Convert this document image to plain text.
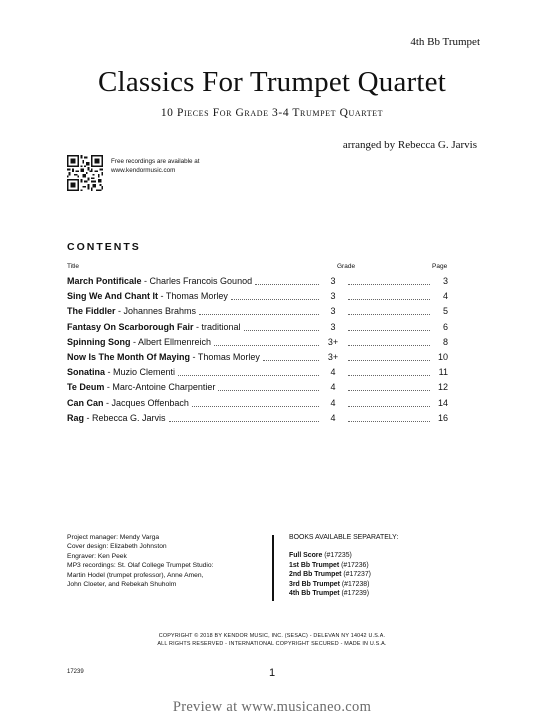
4th Bb Trumpet
Classics For Trumpet Quartet
10 Pieces For Grade 3-4 Trumpet Quartet
arranged by Rebecca G. Jarvis
Free recordings are available at
www.kendormusic.com
CONTENTS
Title	Grade	Page
March Pontificale - Charles Francois Gounod	3	3
Sing We And Chant It - Thomas Morley	3	4
The Fiddler - Johannes Brahms	3	5
Fantasy On Scarborough Fair - traditional	3	6
Spinning Song - Albert Ellmenreich	3+	8
Now Is The Month Of Maying - Thomas Morley	3+	10
Sonatina - Muzio Clementi	4	11
Te Deum - Marc-Antoine Charpentier	4	12
Can Can - Jacques Offenbach	4	14
Rag - Rebecca G. Jarvis	4	16
Project manager: Mendy Varga
Cover design: Elizabeth Johnston
Engraver: Ken Peek
MP3 recordings: St. Olaf College Trumpet Studio:
Martin Hodel (trumpet professor), Anne Amen,
John Cloeter, and Rebekah Shuholm
BOOKS AVAILABLE SEPARATELY:
Full Score (#17235)
1st Bb Trumpet (#17236)
2nd Bb Trumpet (#17237)
3rd Bb Trumpet (#17238)
4th Bb Trumpet (#17239)
COPYRIGHT © 2018 BY KENDOR MUSIC, INC. (SESAC) - DELEVAN NY 14042 U.S.A.
ALL RIGHTS RESERVED - INTERNATIONAL COPYRIGHT SECURED - MADE IN U.S.A.
17239	1
Preview at www.musicaneo.com
